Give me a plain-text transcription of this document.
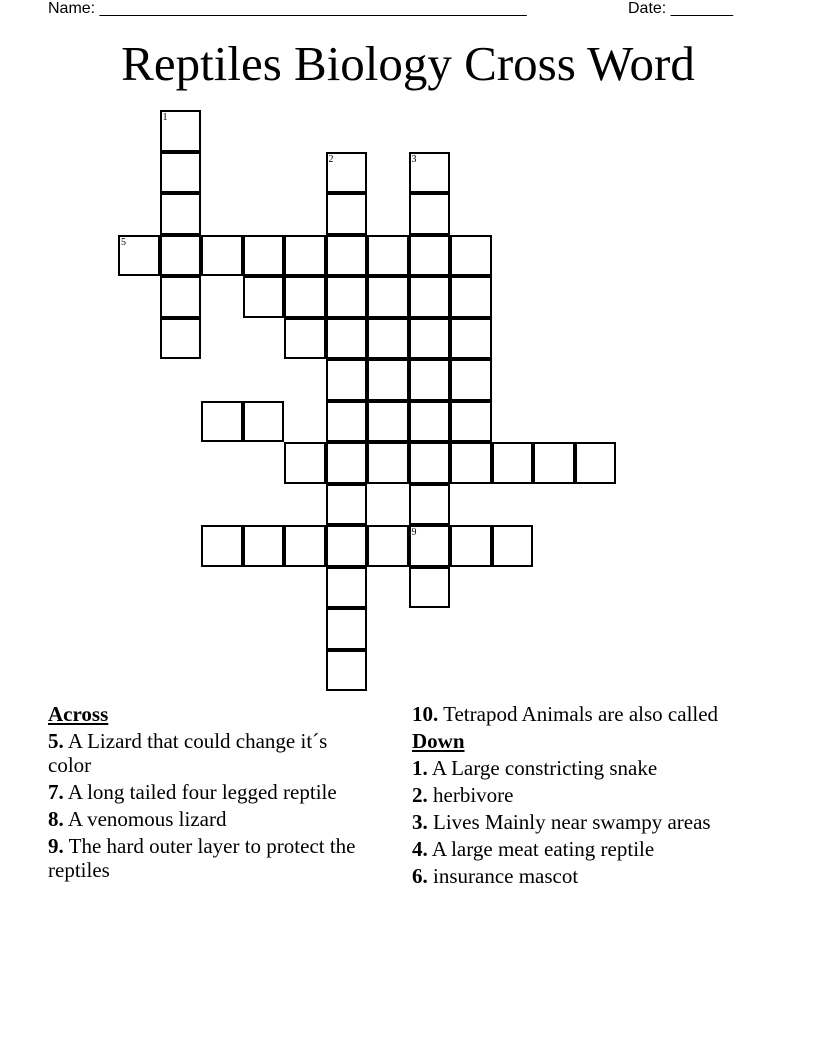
Name: ________________________________________________	Date: _______
Reptiles Biology Cross Word
1
2	3
5
9
Across
5. A Lizard that could change it´s color
7. A long tailed four legged reptile
8. A venomous lizard
9. The hard outer layer to protect the reptiles
10. Tetrapod Animals are also called
Down
1. A Large constricting snake
2. herbivore
3. Lives Mainly near swampy areas
4. A large meat eating reptile
6. insurance mascot
